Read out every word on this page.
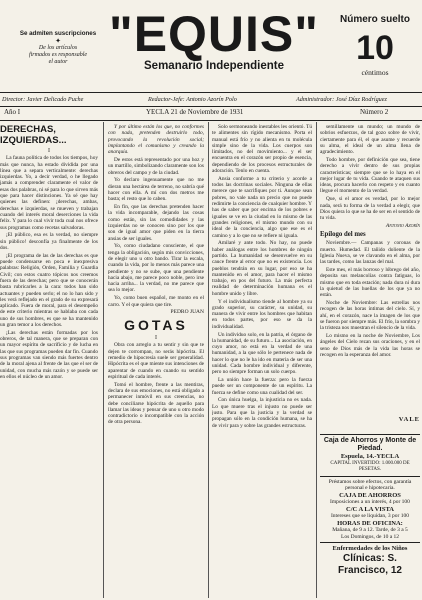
Se admiten suscripciones
✦
De los artículos
firmados es responsable
el autor "EQUIS"
Semanario Independiente
Número suelto
10
céntimos
Director: Javier Delicado Puche	Redactor-Jefe: Antonio Azorín Polo	Administrador: José Díaz Rodríguez
Año I	YECLA 21 de Noviembre de 1931	Número 2

DERECHAS, IZQUIERDAS...

I

La fauna política de todos los tiempos, hoy más que nunca, ha estado dividida por una línea que a separa verticalmente: derechas izquierdas. Yo, a decir verdad, o he llegado jamás a comprender claramente el valor de esas dos palabras, ni sé para lo que sirven más que para hacer distinciones. Ya sé que hay quienes las definen: ¡derechas, ambas, derechas e izquierdas, se mueven y trabajan cuando del interés moral deserciones la vida felix. Y para lo cual vivir toda cual nos ofrece sus programas como recetas salvadoras.

¡El público, esa es la verdad, no siempre sin público! desconfía ya finalmente de los dos.

¡El programa de las de las derechas es que puede condensarse en poca e inexpresiva palabras: Religión, Orden, Familia y Guardia Civil; con estos cuatro tópicos nos creemos fuera de las derechas; pero que se conocerán basta rubricarles a la cara: todos han sido actuantes y pueden serlo; el no lo han sido y les verá reflejado en el grado de su expresará aplicado. Fuera de moral, para el desempeño de este criterio mientras se hablaba con cada uno de sus hombres, es que se ha mantenido un gran temor a los derechos.

¡Las derechas están formadas por los obreros, de tal manera, que se preparan con un mayor espíritu de sacrificio y de lucha en las que sus programas pueden dar fin. Cuando sus programas van siendo más fuertes dentro de la moral ajena al frente de las que el ser de unidad, con mucha más razón y se puede ser en ellos el núcleo de un amor.

Y por último están los que, no conformes con nada, pretenden destruirlo todo, provocando la revolución social; implantando el comunismo y creando la anarquía.

De estos está representado por una hoz y un martillo, simbolizando claramente son los obreros del campo y de la ciudad.

Yo declaro ingenuamente que no me dieran una hectárea de terreno, no sabría qué hacer con ella. A mí con dos metros me basta; el resto que lo caben.

En fin, que las derechas pretenden hacer la vida incomparable, dejando las cosas como están, sin las comodidades y las izquierdas no se conocen sino por los que son de igual amor que piden en la tierra ansias de ser iguales.

Yo, como ciudadano consciente, el que tenga la obligación, según mis convicciones, de elegir uno u otro bando. Tirar la escala, cuando la vida, por lo menos más parece una pendiente y no se sube, que una pendiente hacia abajo, me parece poco noble, pero irse hacia arriba... la verdad, no me parece que sea lo mejor.

Yo, como buen español, me monto en el carro. Y el que quiera que tire.

PEDRO JUAN

GOTAS

I

Obra con arreglo a tu sentir y sin que te dejen te corrompan, no serás hipócrita. El remedio de hipocresía suele ser generalidad. Hipócrita es el que miente sus intenciones de aparentar de cuando en cuando su sentido espiritual de cada interés.

Tomó el hombre, frente a las mentiras, declara de sus emociones, no está obligado a permanecer inmóvil en sus creencias, no debe conciliarse hipócrita de aquello para llamar las ideas y pensar de uno u otro modo contradictorio o incompatible con la acción de otra persona.

Solo sermoneando inestables les orientó. Tú te alimentes sin rígido mecanismo. Porta el manual está frío y no alienta en tu molécula simple sino de la vida. Los cuerpos son limitados, no del movimiento... y el ser encuentra en el corazón ser propio de esencia, dependiendo de los procesos estructurales de adoración. Tenlo en cuenta.

Ansia conforme a tu criterio y acorde a todos las doctrinas sociales. Ninguna de ellas merece que te sacrifiques por ti. Aunque sean pobres, no vale nada un precio que no puede redimirte la conciencia de cualquier hombre. Y has de saber que por encima de los pobres e iguales se ve en la ciudad en lo mismo de las grandes religiones, el mismo mundo con su ideal de la conciencia, algo que ese es el camino y a lo que no se refiere ni iguala.

Amilaré y ante todo. No hay, no puede haber análogas entre los hombres de ningún partido. La humanidad se desenvuelve en su cauce frente al error que no es existencia. Los pueblos tendrán en su lugar, por eso se ha mantenido en el amor, para hacer el mismo trabajo, en pos del futuro. La más perfecta realidad de determinación humana es el hombre unido y libre.

Y el individualismo tiende al hombre ya su grado superior, su carácter, su unidad, su manera de vivir entre los hombres que habitan en todos partes, por eso se da la individualidad.

Un individuo solo, en la patria, el órgano de la humanidad, de su futuro... La asociación, en cuyo amor, no está en la verdad de una humanidad, a la que sólo le pertenece nada de hacer lo que no le ha ido en materia de ser una unidad. Cada hombre individual y diferente, pero no siempre forman un solo cuerpo.

La unión hace la fuerza: pero la fuerza puede ser un componente de un espíritu. La fuerza se define como una cualidad del ser.

Con única huelga, la injusticia no es nada. Lo que muere tras el injusto no puede ser justo. Para que la justicia y la verdad se propagan sólo en la condición humana, se ha de vivir para y sobre las grandes estructuras.

semillamente un mundo; un mundo de sobrios esfuerzos, de tal gozo sobre de vivir, ciertamente para él, el que asume y recuerde su alma, el ideal de un alma llena de agradecimiento.

Todo hombre, por definición que sea, tiene derecho a vivir dentro de sus propias características; siempre que se lo haya en el mejor lugar de tu vida. Cuando te ataquen sus ideas, procura hacerlo con respeto y en cuanto llegue el momento de la verdad.

Que, si el amor es verdad, por lo mejor nada, será tu forma de la verdad a elegir, que Dios quiera lo que se ha de ser en el sentido de tu vida.

Antonio Azorín

Epílogo del mes

Noviembre.— Campanas y coronas de muerto. Humedad. El tañido doliente de la Iglesia Nueva, se ve clavando en el alma, por las tardes, como las lanzas del mal.

Este mes, el más borroso y lóbrego del año, deposita sus melancolías contra fatiguas, lo mismo que en toda estación; nada dura ni dura la quietud de las huellas de los que ya no están.

Noche de Noviembre: Las estrellas nos recogen de las horas íntimas del cielo. Sí, y ahí, en el corazón, nace la imagen de los que se fueron por siempre más. El frío, la sombra y la tristeza nos muestran el silencio de la vida.

Lo mismo en la noche de Noviembre, Los ángeles del Cielo rezan sus oraciones, y en el seno de Dios más de la vida las horas se recogen en la esperanza del amor.

VALE
Caja de Ahorros y Monte de Piedad.
Espuela, 14.-YECLA
CAPITAL INVERTIDO: 1.000.000 DE PESETAS.
Préstamos sobre efectos, con garantía personal e hipotecaria.
CAJA DE AHORROS
Imposiciones a un interés, 4 por 100
C/C A LA VISTA
Intereses que se liquidan, 3 por 100
HORAS DE OFICINA:
Mañana, de 9 a 12. Tarde, de 3 a 5
Los Domingos, de 10 a 12
Enfermedades de los Niños
Clínicas: S. Francisco, 12
